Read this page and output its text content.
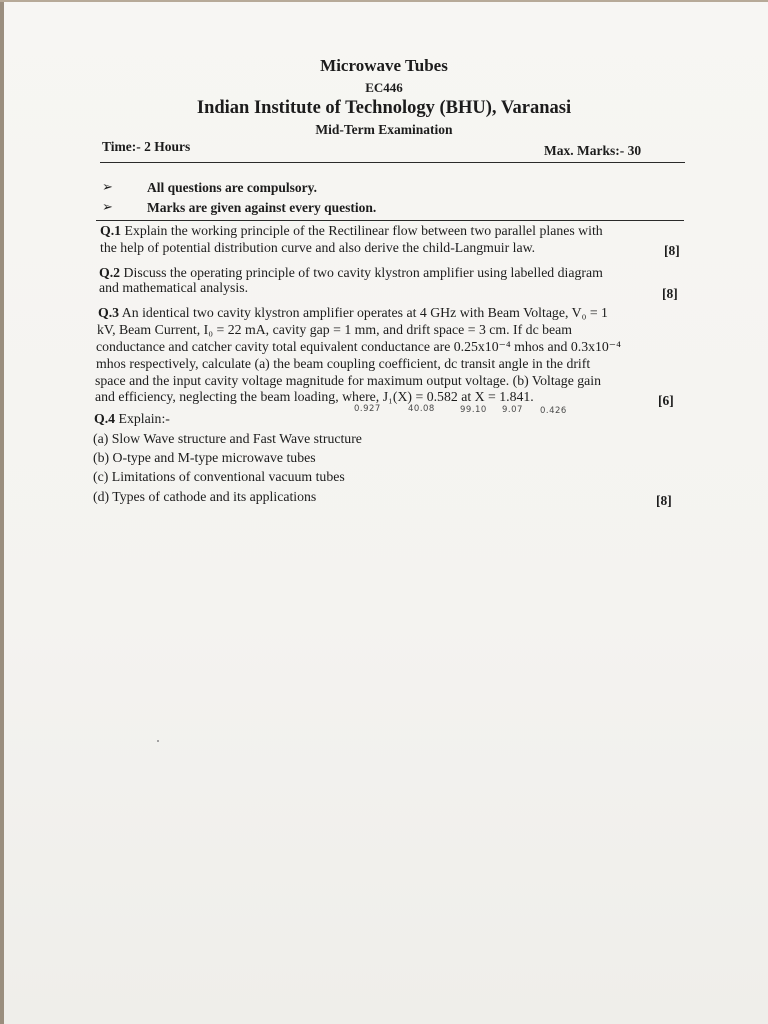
Microwave Tubes
EC446
Indian Institute of Technology (BHU), Varanasi
Mid-Term Examination
Time:- 2 Hours	Max. Marks:- 30
➢	All questions are compulsory.
➢	Marks are given against every question.
Q.1 Explain the working principle of the Rectilinear flow between two parallel planes with
the help of potential distribution curve and also derive the child-Langmuir law.	[8]
Q.2 Discuss the operating principle of two cavity klystron amplifier using labelled diagram
and mathematical analysis.	[8]
Q.3 An identical two cavity klystron amplifier operates at 4 GHz with Beam Voltage, V₀ = 1
kV, Beam Current, I₀ = 22 mA, cavity gap = 1 mm, and drift space = 3 cm. If dc beam
conductance and catcher cavity total equivalent conductance are 0.25x10⁻⁴ mhos and 0.3x10⁻⁴
mhos respectively, calculate (a) the beam coupling coefficient, dc transit angle in the drift
space and the input cavity voltage magnitude for maximum output voltage. (b) Voltage gain
and efficiency, neglecting the beam loading, where, J₁(X) = 0.582 at X = 1.841.	[6]
0.927	40.08	99.10 9.07 0.426
Q.4 Explain:-
(a) Slow Wave structure and Fast Wave structure
(b) O-type and M-type microwave tubes
(c) Limitations of conventional vacuum tubes
(d) Types of cathode and its applications	[8]
